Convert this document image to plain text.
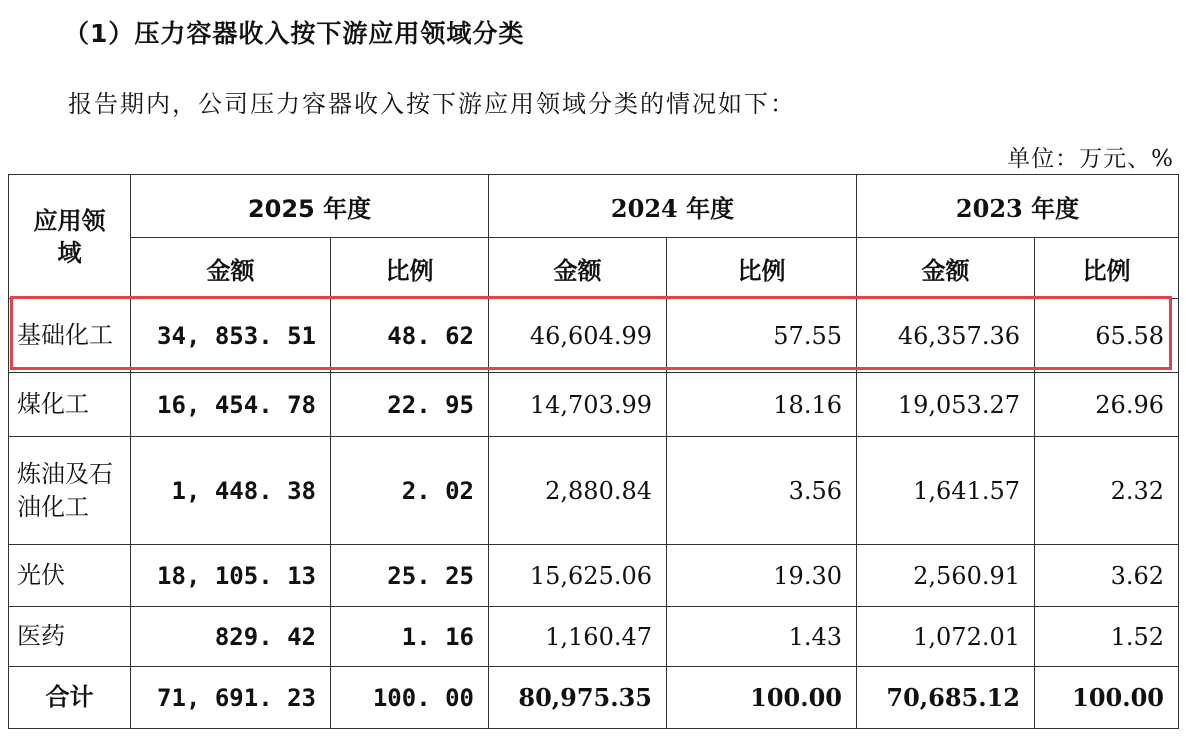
（1）压力容器收入按下游应用领域分类
报告期内，公司压力容器收入按下游应用领域分类的情况如下：
单位：万元、%
应用领域	2025 年度		2024 年度		2023 年度	
	金额	比例	金额	比例	金额	比例
基础化工	34, 853. 51	48. 62	46,604.99	57.55	46,357.36	65.58
煤化工	16, 454. 78	22. 95	14,703.99	18.16	19,053.27	26.96
炼油及石油化工	1, 448. 38	2. 02	2,880.84	3.56	1,641.57	2.32
光伏	18, 105. 13	25. 25	15,625.06	19.30	2,560.91	3.62
医药	829. 42	1. 16	1,160.47	1.43	1,072.01	1.52
合计	71, 691. 23	100. 00	80,975.35	100.00	70,685.12	100.00
